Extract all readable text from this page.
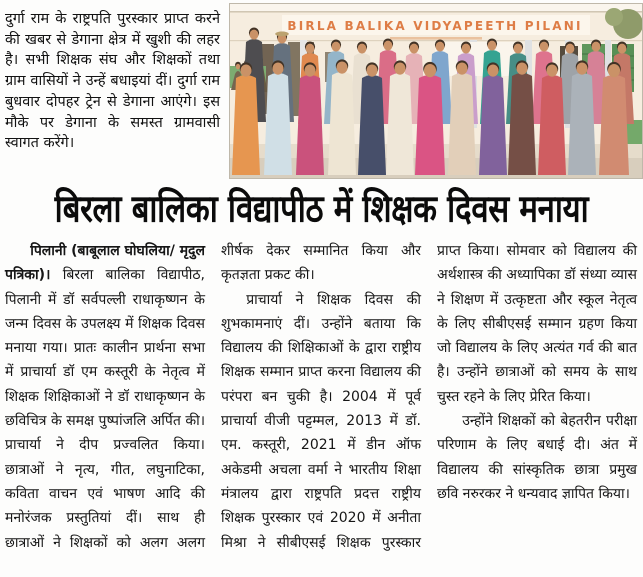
दुर्गा राम के राष्ट्रपति पुरस्कार प्राप्त करने की खबर से डेगाना क्षेत्र में खुशी की लहर है। सभी शिक्षक संघ और शिक्षकों तथा ग्राम वासियों ने उन्हें बधाइयां दीं। दुर्गा राम बुधवार दोपहर ट्रेन से डेगाना आएंगे। इस मौके पर डेगाना के समस्त ग्रामवासी स्वागत करेंगे।
BIRLA BALIKA VIDYAPEETH PILANI
बिरला बालिका विद्यापीठ में शिक्षक दिवस मनाया

पिलानी (बाबूलाल घोघलिया/ मृदुल पत्रिका)। बिरला बालिका विद्यापीठ, पिलानी में डॉ सर्वपल्ली राधाकृष्णन के जन्म दिवस के उपलक्ष्य में शिक्षक दिवस मनाया गया। प्रातः कालीन प्रार्थना सभा में प्राचार्या डॉ एम कस्तूरी के नेतृत्व में शिक्षक शिक्षिकाओं ने डॉ राधाकृष्णन के छविचित्र के समक्ष पुष्पांजलि अर्पित की। प्राचार्या ने दीप प्रज्वलित किया। छात्राओं ने नृत्य, गीत, लघुनाटिका, कविता वाचन एवं भाषण आदि की मनोरंजक प्रस्तुतियां दीं। साथ ही छात्राओं ने शिक्षकों को अलग अलग शीर्षक देकर सम्मानित किया और कृतज्ञता प्रकट की।

प्राचार्या ने शिक्षक दिवस की शुभकामनाएं दीं। उन्होंने बताया कि विद्यालय की शिक्षिकाओं के द्वारा राष्ट्रीय शिक्षक सम्मान प्राप्त करना विद्यालय की परंपरा बन चुकी है। 2004 में पूर्व प्राचार्या वीजी पट्टम्मल, 2013 में डॉ. एम. कस्तूरी, 2021 में डीन ऑफ अकेडमी अचला वर्मा ने भारतीय शिक्षा मंत्रालय द्वारा राष्ट्रपति प्रदत्त राष्ट्रीय शिक्षक पुरस्कार एवं 2020 में अनीता मिश्रा ने सीबीएसई शिक्षक पुरस्कार प्राप्त किया। सोमवार को विद्यालय की अर्थशास्त्र की अध्यापिका डॉ संध्या व्यास ने शिक्षण में उत्कृष्टता और स्कूल नेतृत्व के लिए सीबीएसई सम्मान ग्रहण किया जो विद्यालय के लिए अत्यंत गर्व की बात है। उन्होंने छात्राओं को समय के साथ चुस्त रहने के लिए प्रेरित किया।

उन्होंने शिक्षकों को बेहतरीन परीक्षा परिणाम के लिए बधाई दी। अंत में विद्यालय की सांस्कृतिक छात्रा प्रमुख छवि नरुरकर ने धन्यवाद ज्ञापित किया।
